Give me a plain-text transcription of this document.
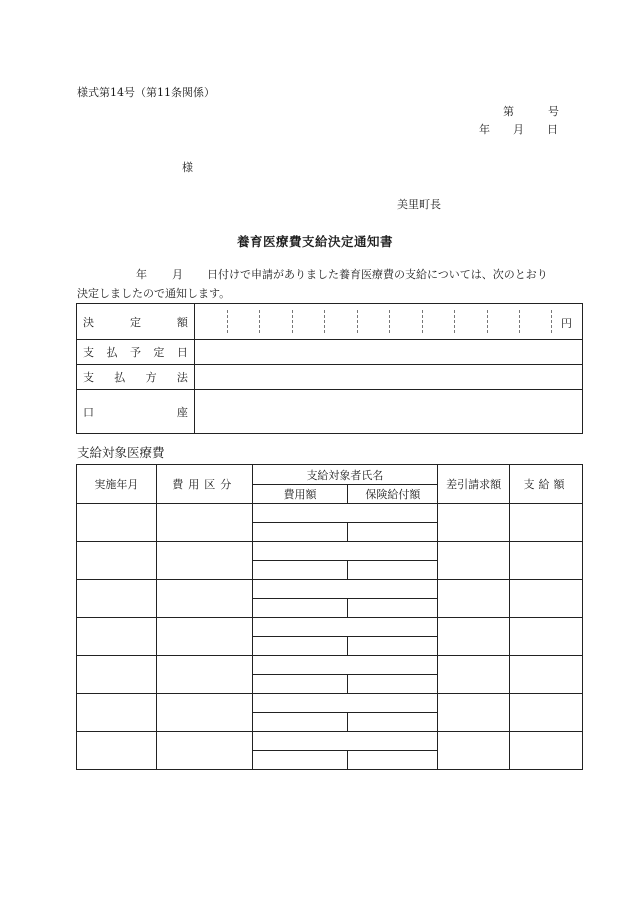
様式第14号（第11条関係）
第	号
年 月 日
様
美里町長
養育医療費支給決定通知書
年 月 日付けで申請がありました養育医療費の支給については、次のとおり
決定しましたので通知します。
決 定 額	円

支 払 予 定 日	

支 払 方 法	

口 座	

支給対象医療費
実施年月	費用区分	支給対象者氏名		差引請求額	支給額
		費用額	保険給付額		
